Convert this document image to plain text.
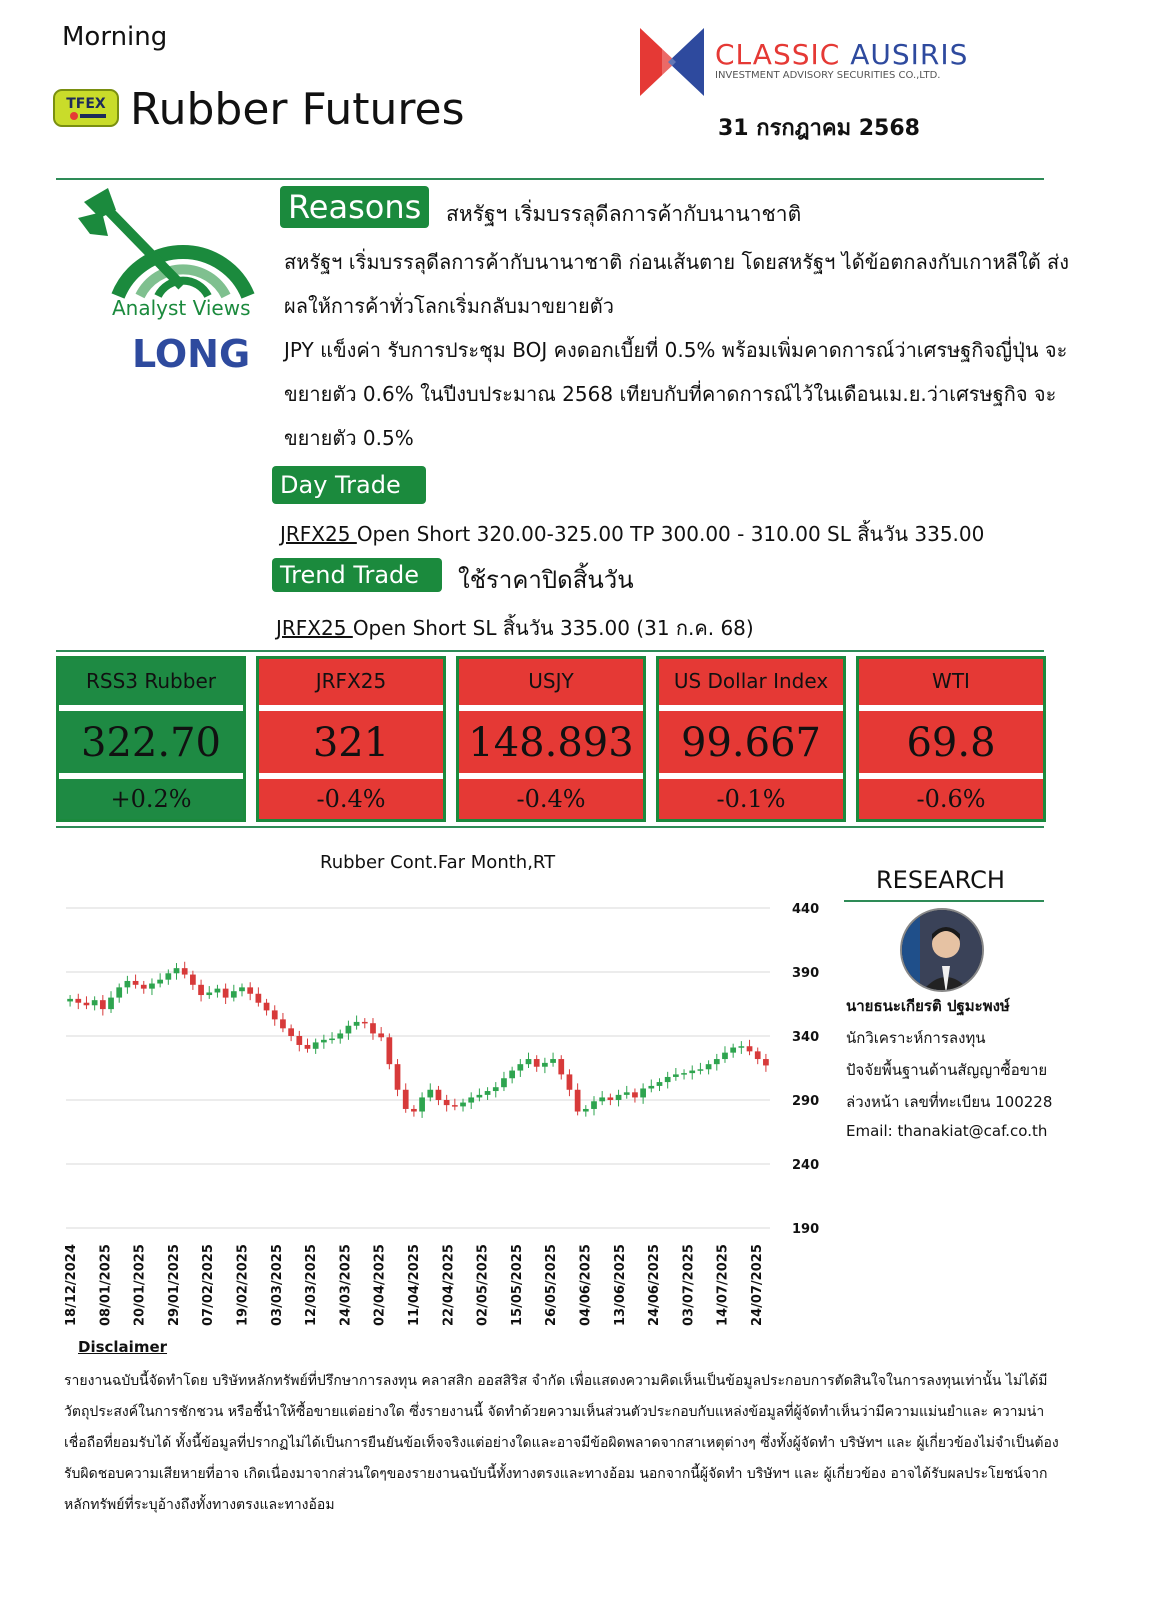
Morning
TFEX Rubber Futures
CLASSIC AUSIRIS
INVESTMENT ADVISORY SECURITIES CO.,LTD.
31 กรกฎาคม 2568
Analyst Views
LONG
Reasons	สหรัฐฯ เริ่มบรรลุดีลการค้ากับนานาชาติ
สหรัฐฯ เริ่มบรรลุดีลการค้ากับนานาชาติ ก่อนเส้นตาย โดยสหรัฐฯ ได้ข้อตกลงกับเกาหลีใต้ ส่งผลให้การค้าทั่วโลกเริ่มกลับมาขยายตัว
JPY แข็งค่า รับการประชุม BOJ คงดอกเบี้ยที่ 0.5% พร้อมเพิ่มคาดการณ์ว่าเศรษฐกิจญี่ปุ่น จะขยายตัว 0.6% ในปีงบประมาณ 2568 เทียบกับที่คาดการณ์ไว้ในเดือนเม.ย.ว่าเศรษฐกิจ จะขยายตัว 0.5%
Day Trade
JRFX25 Open Short 320.00-325.00 TP 300.00 - 310.00 SL สิ้นวัน 335.00
Trend Trade	ใช้ราคาปิดสิ้นวัน
JRFX25 Open Short SL สิ้นวัน 335.00 (31 ก.ค. 68)
RSS3 Rubber
322.70
+0.2%
JRFX25
321
-0.4%
USJY
148.893
-0.4%
US Dollar Index
99.667
-0.1%
WTI
69.8
-0.6%
Rubber Cont.Far Month,RT
440
390
340
290
240
190
18/12/2024 08/01/2025 20/01/2025 29/01/2025 07/02/2025 19/02/2025 03/03/2025 12/03/2025 24/03/2025 02/04/2025 11/04/2025 22/04/2025 02/05/2025 15/05/2025 26/05/2025 04/06/2025 13/06/2025 24/06/2025 03/07/2025 14/07/2025 24/07/2025
RESEARCH
นายธนะเกียรติ ปฐมะพงษ์
นักวิเคราะห์การลงทุน
ปัจจัยพื้นฐานด้านสัญญาซื้อขาย
ล่วงหน้า เลขที่ทะเบียน 100228
Email: thanakiat@caf.co.th
Disclaimer
รายงานฉบับนี้จัดทำโดย บริษัทหลักทรัพย์ที่ปรึกษาการลงทุน คลาสสิก ออสสิริส จำกัด เพื่อแสดงความคิดเห็นเป็นข้อมูลประกอบการตัดสินใจในการลงทุนเท่านั้น ไม่ได้มีวัตถุประสงค์ในการชักชวน หรือชี้นำให้ซื้อขายแต่อย่างใด ซึ่งรายงานนี้ จัดทำด้วยความเห็นส่วนตัวประกอบกับแหล่งข้อมูลที่ผู้จัดทำเห็นว่ามีความแม่นยำและ ความน่าเชื่อถือที่ยอมรับได้ ทั้งนี้ข้อมูลที่ปรากฏไม่ได้เป็นการยืนยันข้อเท็จจริงแต่อย่างใดและอาจมีข้อผิดพลาดจากสาเหตุต่างๆ ซึ่งทั้งผู้จัดทำ บริษัทฯ และ ผู้เกี่ยวข้องไม่จำเป็นต้องรับผิดชอบความเสียหายที่อาจ เกิดเนื่องมาจากส่วนใดๆของรายงานฉบับนี้ทั้งทางตรงและทางอ้อม นอกจากนี้ผู้จัดทำ บริษัทฯ และ ผู้เกี่ยวข้อง อาจได้รับผลประโยชน์จากหลักทรัพย์ที่ระบุอ้างถึงทั้งทางตรงและทางอ้อม
